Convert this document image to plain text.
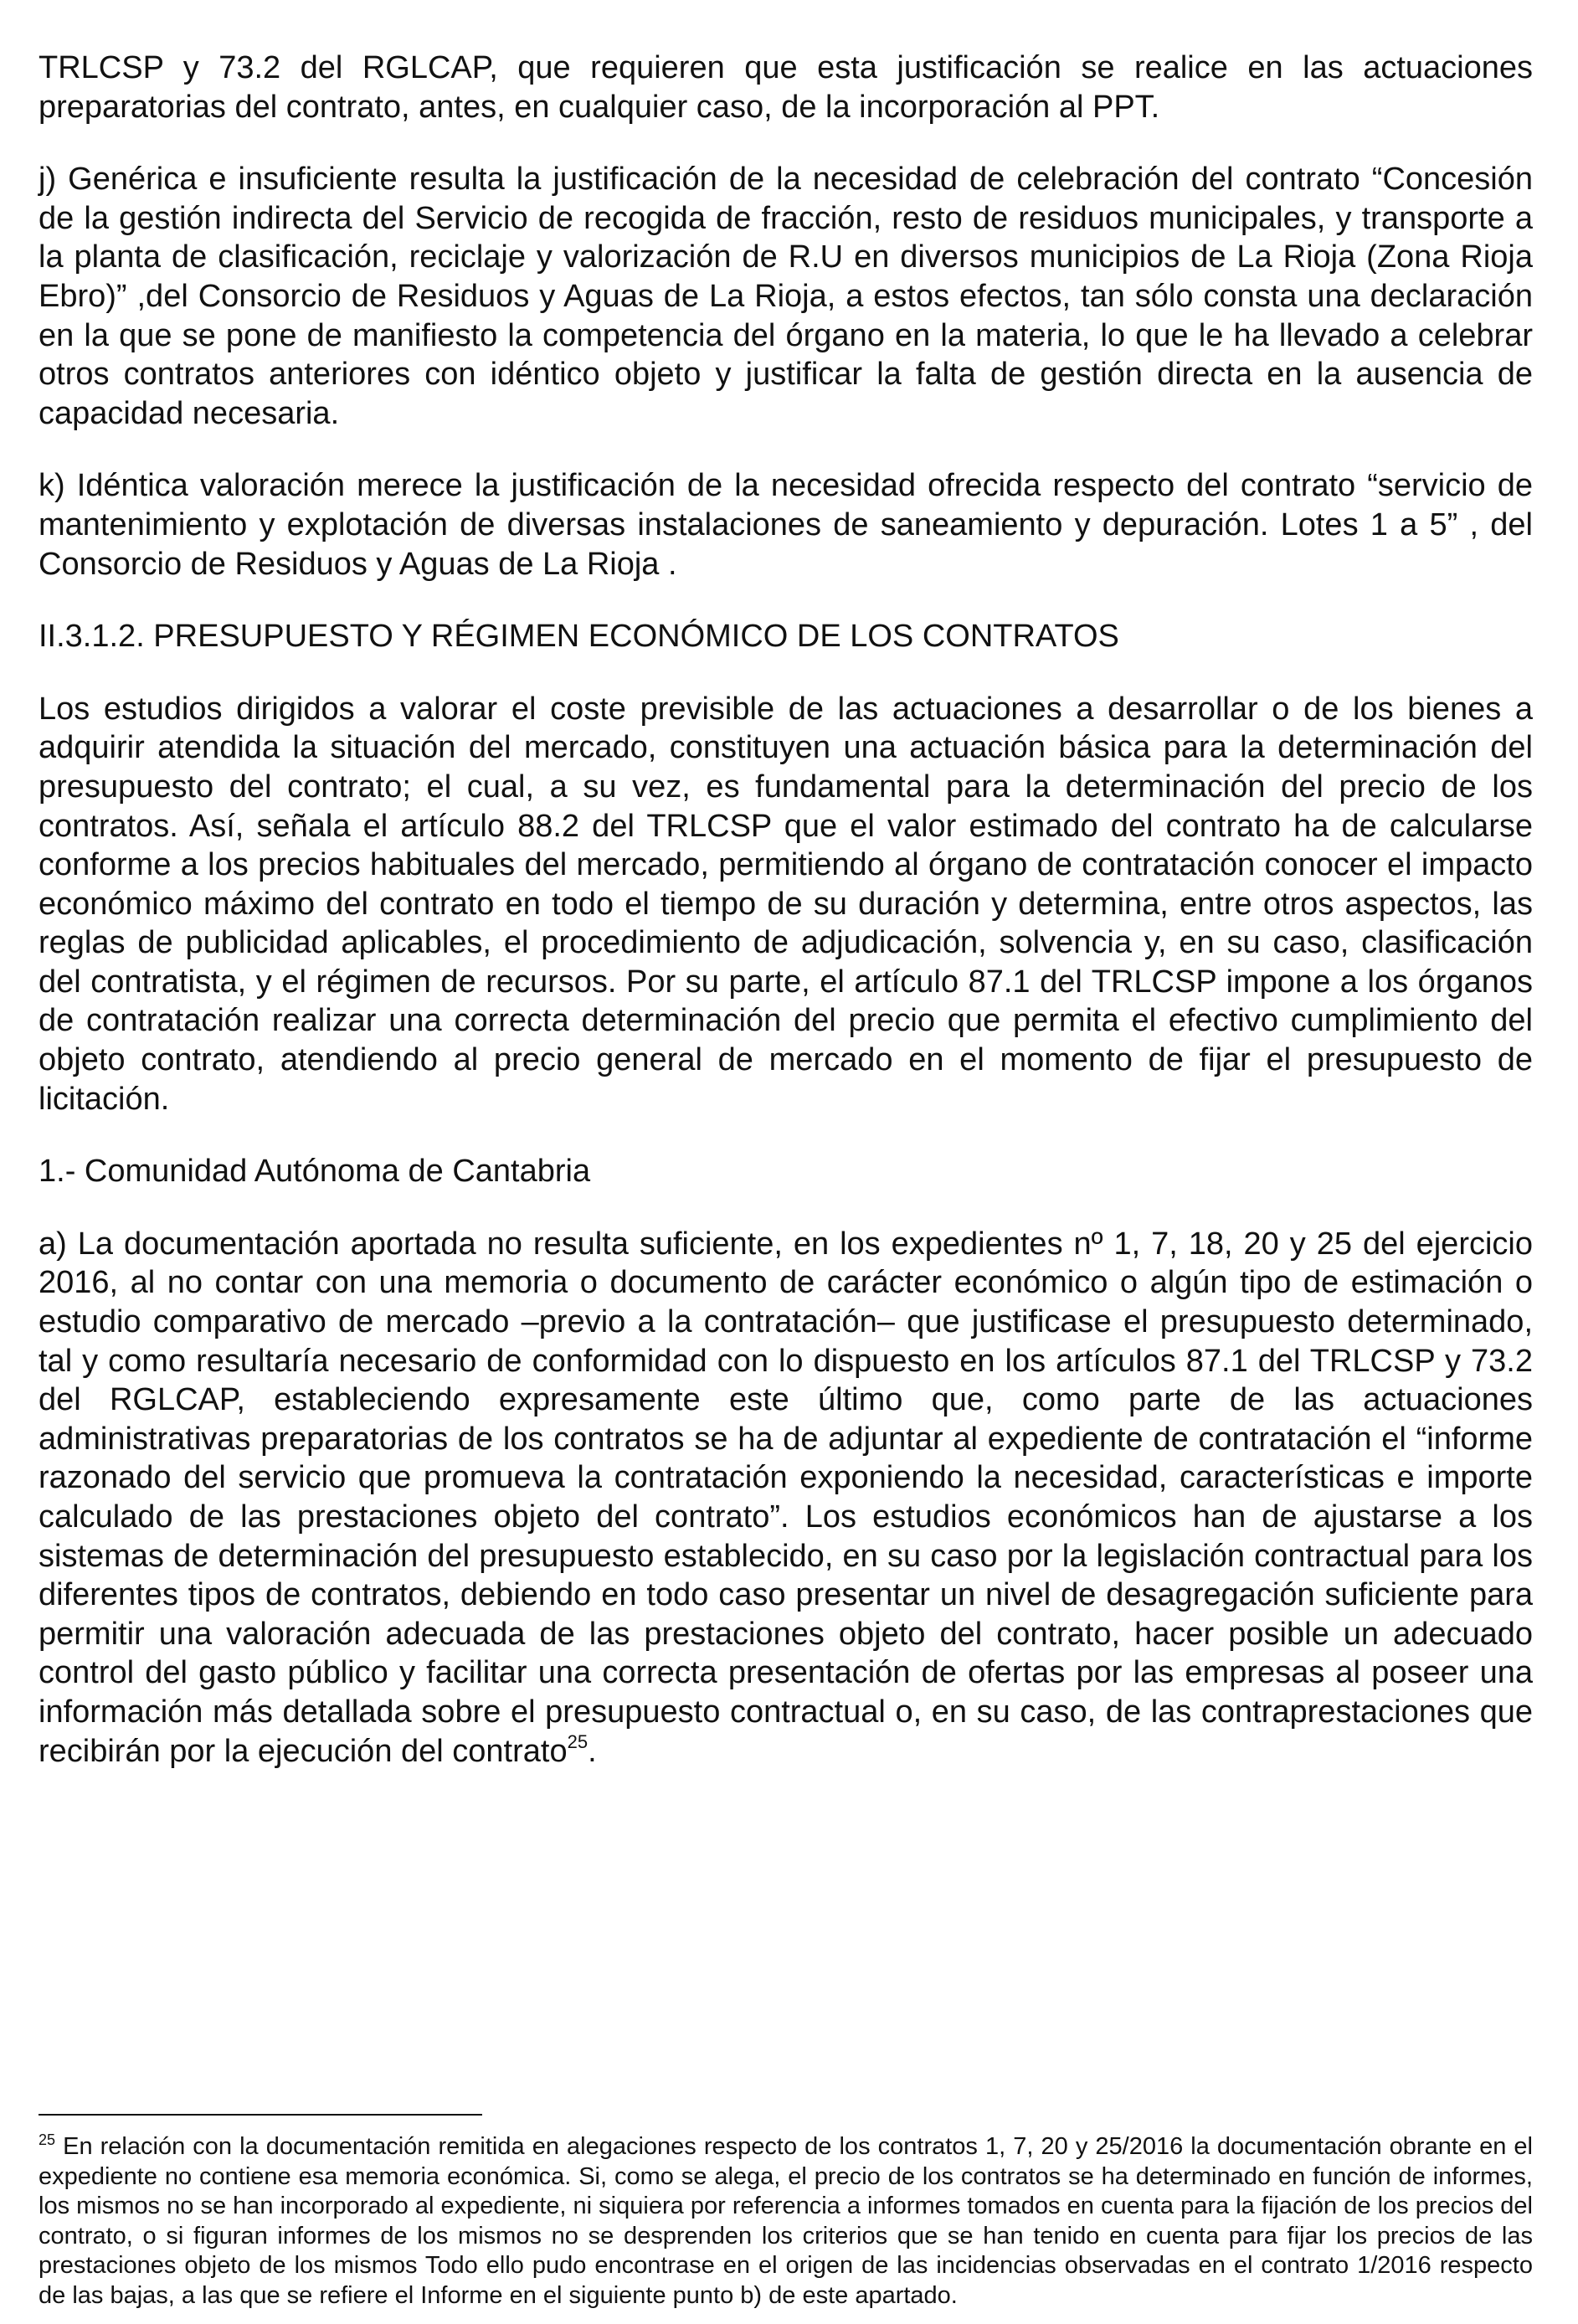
TRLCSP y 73.2 del RGLCAP, que requieren que esta justificación se realice en las actuaciones preparatorias del contrato, antes, en cualquier caso, de la incorporación al PPT.

j) Genérica e insuficiente resulta la justificación de la necesidad de celebración del contrato “Concesión de la gestión indirecta del Servicio de recogida de fracción, resto de residuos municipales, y transporte a la planta de clasificación, reciclaje y valorización de R.U en diversos municipios de La Rioja (Zona Rioja Ebro)” ,del Consorcio de Residuos y Aguas de La Rioja, a estos efectos, tan sólo consta una declaración en la que se pone de manifiesto la competencia del órgano en la materia, lo que le ha llevado a celebrar otros contratos anteriores con idéntico objeto y justificar la falta de gestión directa en la ausencia de capacidad necesaria.

k) Idéntica valoración merece la justificación de la necesidad ofrecida respecto del contrato “servicio de mantenimiento y explotación de diversas instalaciones de saneamiento y depuración. Lotes 1 a 5” , del Consorcio de Residuos y Aguas de La Rioja .

II.3.1.2. PRESUPUESTO Y RÉGIMEN ECONÓMICO DE LOS CONTRATOS

Los estudios dirigidos a valorar el coste previsible de las actuaciones a desarrollar o de los bienes a adquirir atendida la situación del mercado, constituyen una actuación básica para la determinación del presupuesto del contrato; el cual, a su vez, es fundamental para la determinación del precio de los contratos. Así, señala el artículo 88.2 del TRLCSP que el valor estimado del contrato ha de calcularse conforme a los precios habituales del mercado, permitiendo al órgano de contratación conocer el impacto económico máximo del contrato en todo el tiempo de su duración y determina, entre otros aspectos, las reglas de publicidad aplicables, el procedimiento de adjudicación, solvencia y, en su caso, clasificación del contratista, y el régimen de recursos. Por su parte, el artículo 87.1 del TRLCSP impone a los órganos de contratación realizar una correcta determinación del precio que permita el efectivo cumplimiento del objeto contrato, atendiendo al precio general de mercado en el momento de fijar el presupuesto de licitación.

1.- Comunidad Autónoma de Cantabria

a) La documentación aportada no resulta suficiente, en los expedientes nº 1, 7, 18, 20 y 25 del ejercicio 2016, al no contar con una memoria o documento de carácter económico o algún tipo de estimación o estudio comparativo de mercado –previo a la contratación– que justificase el presupuesto determinado, tal y como resultaría necesario de conformidad con lo dispuesto en los artículos 87.1 del TRLCSP y 73.2 del RGLCAP, estableciendo expresamente este último que, como parte de las actuaciones administrativas preparatorias de los contratos se ha de adjuntar al expediente de contratación el “informe razonado del servicio que promueva la contratación exponiendo la necesidad, características e importe calculado de las prestaciones objeto del contrato”. Los estudios económicos han de ajustarse a los sistemas de determinación del presupuesto establecido, en su caso por la legislación contractual para los diferentes tipos de contratos, debiendo en todo caso presentar un nivel de desagregación suficiente para permitir una valoración adecuada de las prestaciones objeto del contrato, hacer posible un adecuado control del gasto público y facilitar una correcta presentación de ofertas por las empresas al poseer una información más detallada sobre el presupuesto contractual o, en su caso, de las contraprestaciones que recibirán por la ejecución del contrato$^{25}$.

$^{25}$ En relación con la documentación remitida en alegaciones respecto de los contratos 1, 7, 20 y 25/2016 la documentación obrante en el expediente no contiene esa memoria económica. Si, como se alega, el precio de los contratos se ha determinado en función de informes, los mismos no se han incorporado al expediente, ni siquiera por referencia a informes tomados en cuenta para la fijación de los precios del contrato, o si figuran informes de los mismos no se desprenden los criterios que se han tenido en cuenta para fijar los precios de las prestaciones objeto de los mismos Todo ello pudo encontrase en el origen de las incidencias observadas en el contrato 1/2016 respecto de las bajas, a las que se refiere el Informe en el siguiente punto b) de este apartado.
